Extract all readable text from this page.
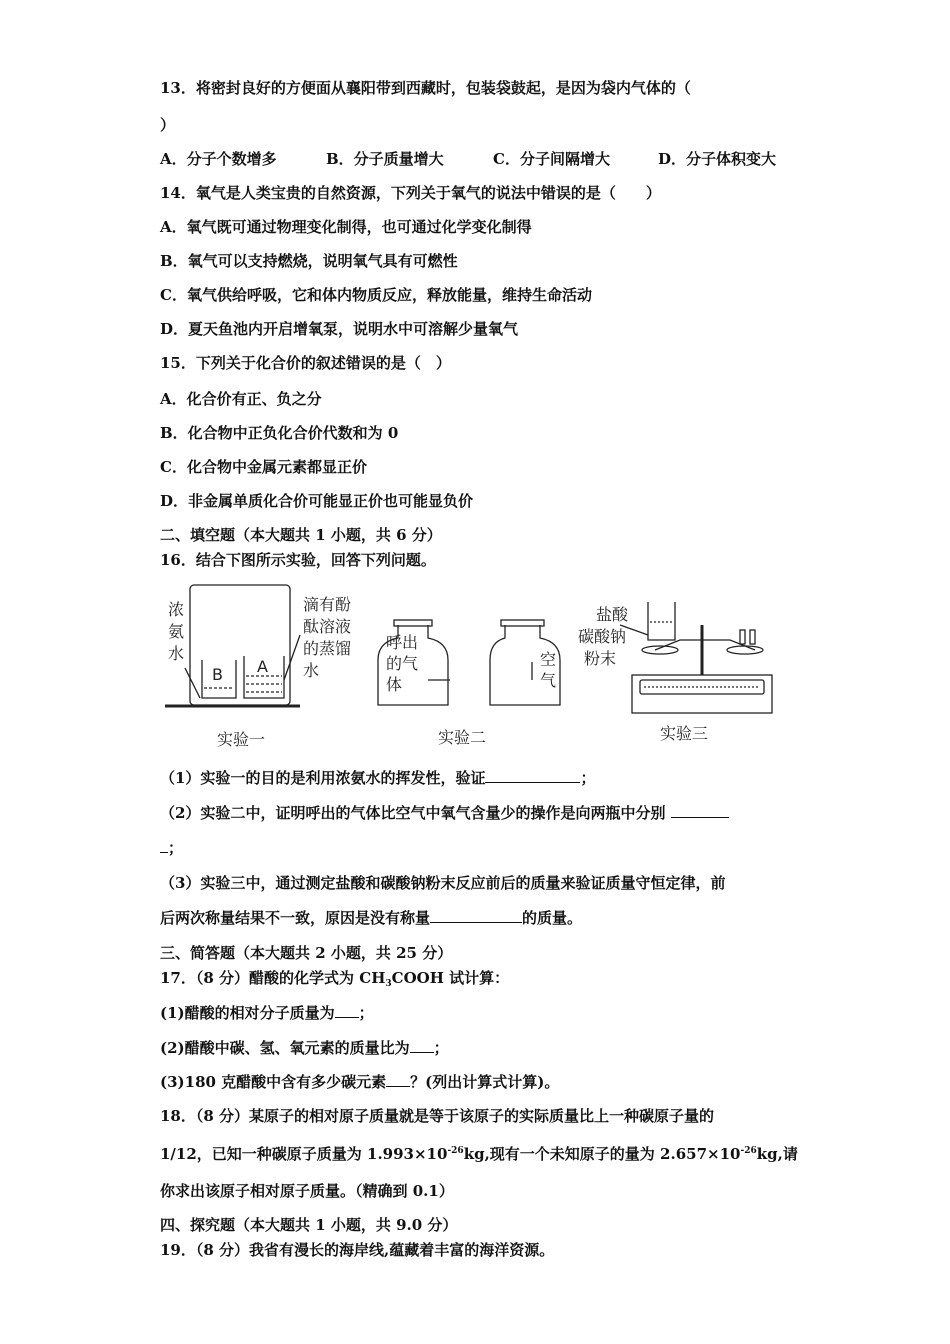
13．将密封良好的方便面从襄阳带到西藏时，包装袋鼓起，是因为袋内气体的（
）
A．分子个数增多	B．分子质量增大	C．分子间隔增大	D．分子体积变大
14．氧气是人类宝贵的自然资源，下列关于氧气的说法中错误的是（　　）
A．氧气既可通过物理变化制得，也可通过化学变化制得
B．氧气可以支持燃烧，说明氧气具有可燃性
C．氧气供给呼吸，它和体内物质反应，释放能量，维持生命活动
D．夏天鱼池内开启增氧泵，说明水中可溶解少量氧气
15．下列关于化合价的叙述错误的是（　）
A．化合价有正、负之分
B．化合物中正负化合价代数和为 0
C．化合物中金属元素都显正价
D．非金属单质化合价可能显正价也可能显负价
二、填空题（本大题共 1 小题，共 6 分）
16．结合下图所示实验，回答下列问题。
浓
氨
水
滴有酚
酞溶液
的蒸馏
水
B A
实验一
呼出
的气
体
空
气
实验二
盐酸
碳酸钠
粉末
实验三
（1）实验一的目的是利用浓氨水的挥发性，验证	；
（2）实验二中，证明呼出的气体比空气中氧气含量少的操作是向两瓶中分别
；
（3）实验三中，通过测定盐酸和碳酸钠粉末反应前后的质量来验证质量守恒定律，前
后两次称量结果不一致，原因是没有称量	的质量。
三、简答题（本大题共 2 小题，共 25 分）
17．（8 分）醋酸的化学式为 $CH_3COOH$ 试计算：
(1)醋酸的相对分子质量为 ；
(2)醋酸中碳、氢、氧元素的质量比为 ；
(3)180 克醋酸中含有多少碳元素 ？(列出计算式计算)。
18．（8 分）某原子的相对原子质量就是等于该原子的实际质量比上一种碳原子量的
1/12，已知一种碳原子质量为 $1.993\times 10^{-26}kg$,现有一个未知原子的量为 $2.657\times 10^{-26}kg$,请
你求出该原子相对原子质量。（精确到 0.1）
四、探究题（本大题共 1 小题，共 9.0 分）
19．（8 分）我省有漫长的海岸线,蕴藏着丰富的海洋资源。
